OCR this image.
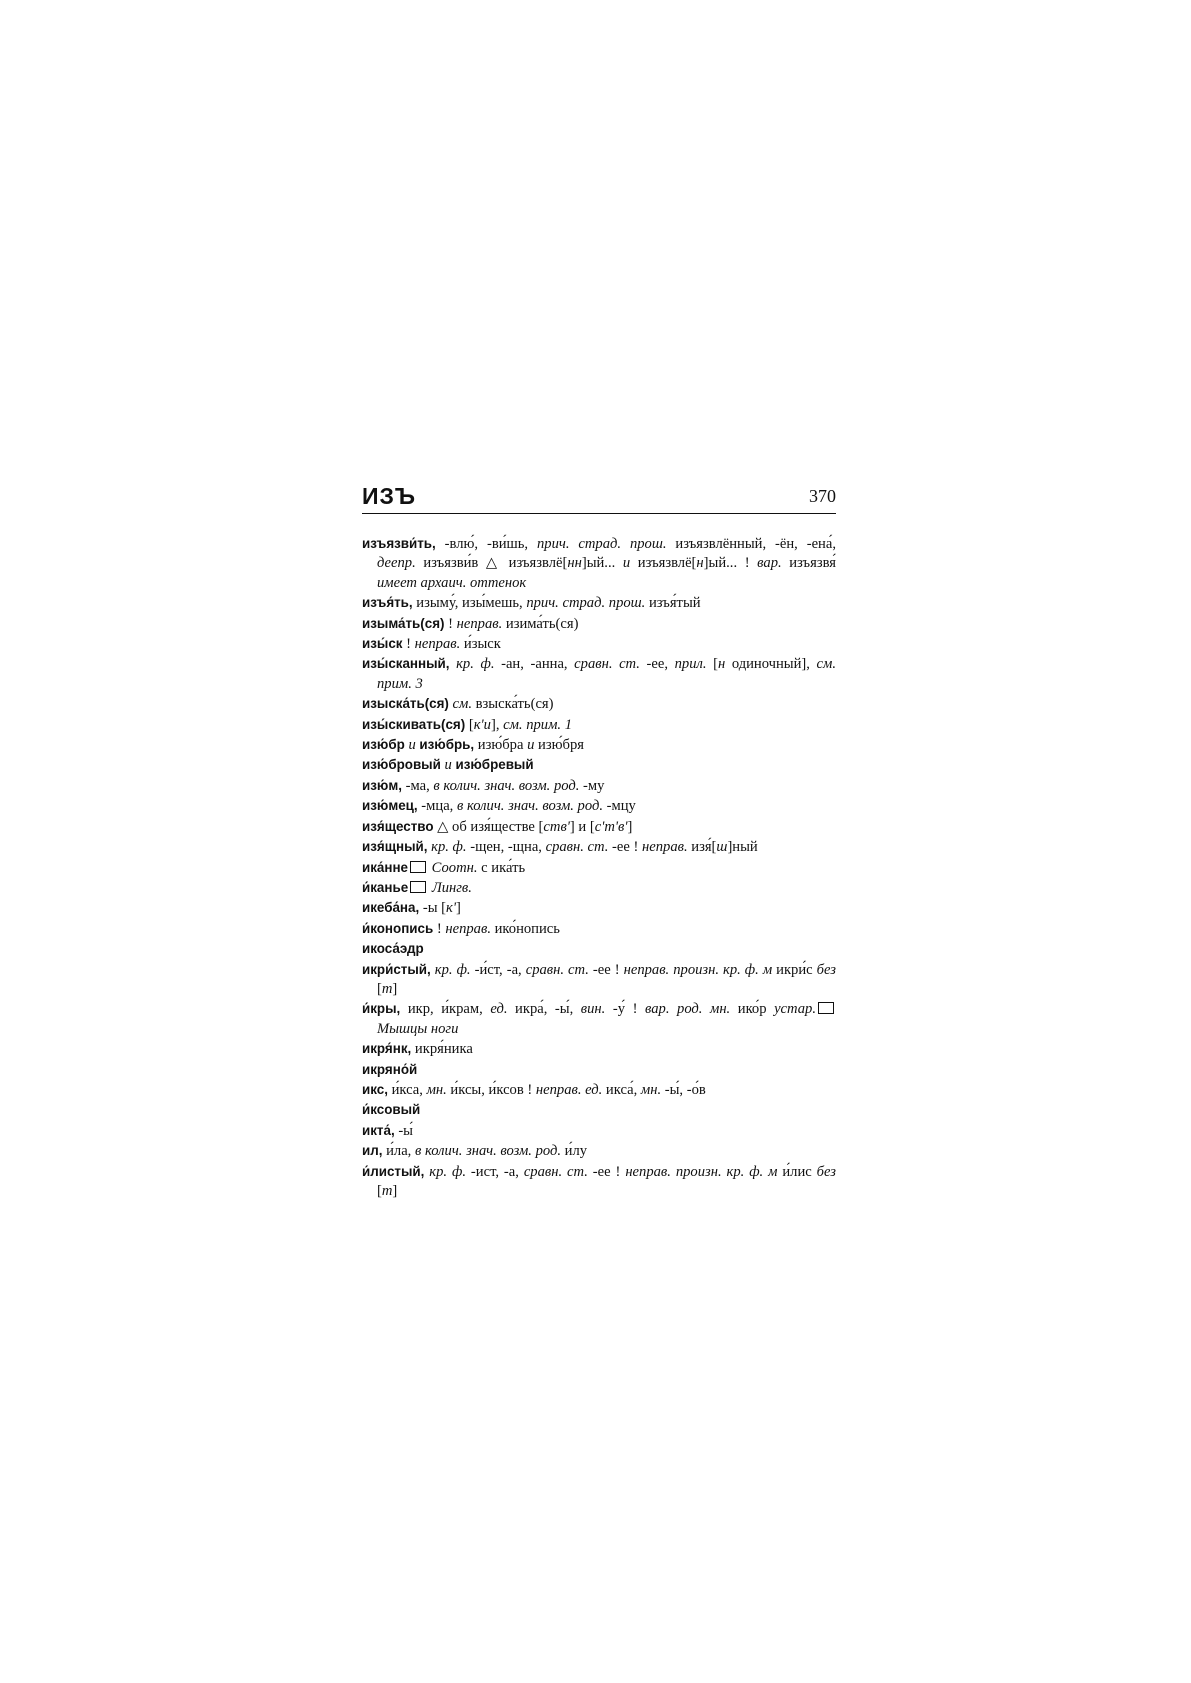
ИЗЪ	370

изъязви́ть, -влю́, -ви́шь, прич. страд. прош. изъязвлённый, -ён, -ена́, деепр. изъязви́в △ изъязвлё[нн]ый... и изъязвлё[н]ый... ! вар. изъязвя́ имеет архаич. оттенок

изъя́ть, изыму́, изы́мешь, прич. страд. прош. изъя́тый

изыма́ть(ся) ! неправ. изима́ть(ся)

изы́ск ! неправ. и́зыск

изы́сканный, кр. ф. -ан, -анна, сравн. ст. -ее, прил. [н одиночный], см. прим. 3

изыска́ть(ся) см. взыска́ть(ся)

изы́скивать(ся) [к'и], см. прим. 1

изю́бр и изю́брь, изю́бра и изю́бря

изю́бровый и изю́бревый

изю́м, -ма, в колич. знач. возм. род. -му

изю́мец, -мца, в колич. знач. возм. род. -мцу

изя́щество △ об изя́ществе [ств'] и [с'т'в']

изя́щный, кр. ф. -щен, -щна, сравн. ст. -ее ! неправ. изя́[ш]ный

ика́нне Соотн. с ика́ть

и́канье Лингв.

икеба́на, -ы [к']

и́конопись ! неправ. ико́нопись

икоса́эдр

икри́стый, кр. ф. -и́ст, -а, сравн. ст. -ее ! неправ. произн. кр. ф. м икри́с без [т]

и́кры, икр, и́крам, ед. икра́, -ы́, вин. -у́ ! вар. род. мн. ико́р устар. Мышцы ноги

икря́нк, икря́ника

икряно́й

икс, и́кса, мн. и́ксы, и́ксов ! неправ. ед. икса́, мн. -ы́, -о́в

и́ксовый

икта́, -ы́

ил, и́ла, в колич. знач. возм. род. и́лу

и́листый, кр. ф. -ист, -а, сравн. ст. -ее ! неправ. произн. кр. ф. м и́лис без [т]
